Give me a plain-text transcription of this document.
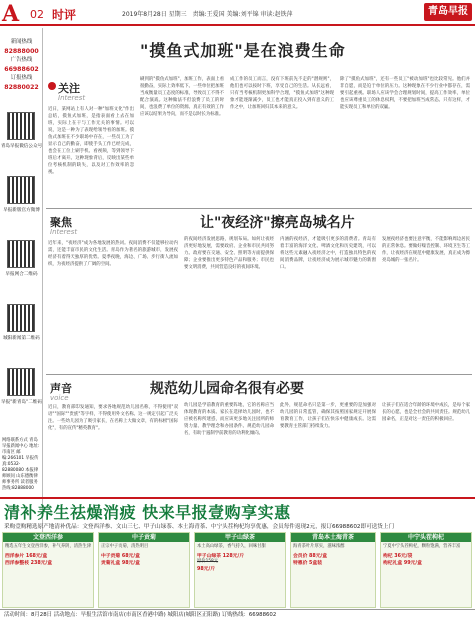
A 02 时评	2019年8月28日 星期三　责编:王爱国 美编:刘平锦 审读:赵铁萍	青岛早报
新闻热线
82888000
广告热线
66988602
订报热线
82880022
青岛早报微信公众号
早报新版官方微博
早报网合二维码
城阳新闻第二维码
早报"新青岛"二维码
网络联系方式 青岛早报新闻中心 地址:市南区 邮编:266101 早报传真:0532-82880080 本报律师顾问 山东德衡律师事务所 读者服务热线:82888000
"摸鱼式加班"是在浪费生命
关注
Interest
近日，某网站上有人对一种"加班文化"作出总结，摸鱼式加班，是指表面看上去在加班，实际上在干与工作无关的事情。可以说，这是一种为了表现给领导看的加班。摸鱼式加班在不少职场中存在，一些员工为了显示自己的勤奋，即使手头工作已经完成，也会在工位上刷手机、看视频，等到领导下班后才离开。这种现象背后，反映出某些单位考核机制的缺失，以及对工作效率的忽视。
刷到的"摸鱼式加班"，加班工作，表面上看很勤奋，实际上效率低下。一些单位把加班当成衡量员工态度的标准，导致员工不得不配合演戏。这种做法不但浪费了员工的时间，也浪费了单位的资源。真正有效的工作应该以结果为导向，而不是以时长为标准。
成工作的员工而言，没有下班前先不走的"潜规则"，他们也可以按时下班，享受自己的生活。从长远看，只有当考核机制更加科学合理，"摸鱼式加班"这种现象才能逐渐减少，员工也才能真正投入到有意义的工作之中，让加班回归其本来的意义。
除了"摸鱼式加班"，还有一些员工"被动加班"也比较常见。他们并非自愿，而是迫于单位的压力。这种现象在不少行业中都存在，需要引起重视。职场人应该学会合理规划时间，提高工作效率，单位也应该尊重员工的休息权利，不要把加班当成常态。只有这样，才能实现员工和单位的双赢。
让"夜经济"擦亮岛城名片
聚焦
Interest
近年来，"夜经济"成为各地发展的热词。夜间消费不仅能够拉动内需，还能丰富市民的文化生活。青岛作为著名的旅游城市，发展夜经济有着得天独厚的优势。夏季夜晚，海边、广场、步行街人流如织，为夜经济提供了广阔的空间。
的夜间经济发展思路，规划布局。如何让夜经济更好地发展，需要政府、企业和市民共同努力。政府要在交通、安全、照明等方面提供保障；企业要推出更多特色产品和服务；市民也要文明消费，共同营造良好的夜间环境。
内涵的夜经济，才能吸引更多的消费者。青岛有着丰富的海洋文化、啤酒文化和历史建筑，可以将这些元素融入夜经济之中，打造独具特色的夜间消费品牌，让夜经济成为展示城市魅力的新窗口。
发展夜经济也要注意平衡，不能影响周边居民的正常休息。要做好噪音控制、环境卫生等工作，让夜经济在规范中健康发展，真正成为擦亮岛城的一张名片。
规范幼儿园命名很有必要
声音
voice
近日，教育部印发通知，要求各地规范幼儿园名称，不得使用"双语""国际""贵族"等字样，不得使用外文名称。这一规定引起广泛关注。一些幼儿园为了吸引家长，在名称上大做文章，有的标榜"国际化"，有的宣传"精英教育"。
幼儿园是学前教育的重要阵地，它的名称应当体现教育的本质。家长在选择幼儿园时，也不应被名称所迷惑，而应该更多地关注园所的师资力量、教学理念和办园条件。规范幼儿园命名，有助于遏制学前教育的功利化倾向。
此外，规范命名只是第一步，更重要的是加强对幼儿园的日常监管，确保其按照国家规定开展保育教育工作，让孩子们在快乐中健康成长。这需要教育主管部门持续发力。
让孩子们在适合年龄的环境中成长，是每个家长的心愿，也是全社会的共同责任。规范幼儿园命名，正是对这一责任的积极回应。
清补养生祛燥消疲 快来早报壹购享实惠
采购壹购精选原产地清补优品：文登西洋参、文山三七、甲子山绿茶、本土海青茶、中宁头茬枸杞均享优惠，会员每件返现2元，报订66988602即可送货上门
文登西洋参
精选五年生文登西洋参，补气养阴，清热生津
西洋参片 168元/盒
西洋参整枝 238元/盒
中子贡菊
正宗中子贡菊，清热明目
中子贡菊 68元/盒
贡菊礼盒 98元/盒
甲子山绿茶
本土高山绿茶，香气持久，回味甘甜
甲子山绿茶 128元/斤
原价158元
98元/斤
青岛本土海青茶
海青茶叶片厚实，滋味浓醇
会员价 88元/盒
特惠价 5盒装
中宁头茬枸杞
宁夏中宁头茬枸杞，颗粒饱满，营养丰富
枸杞 36元/袋
枸杞礼盒 99元/盒
活动时间：8月28日 活动地点：早报生活馆市南店(市南区香港中路) 城阳店(城阳区正阳路) 订购热线：66988602
